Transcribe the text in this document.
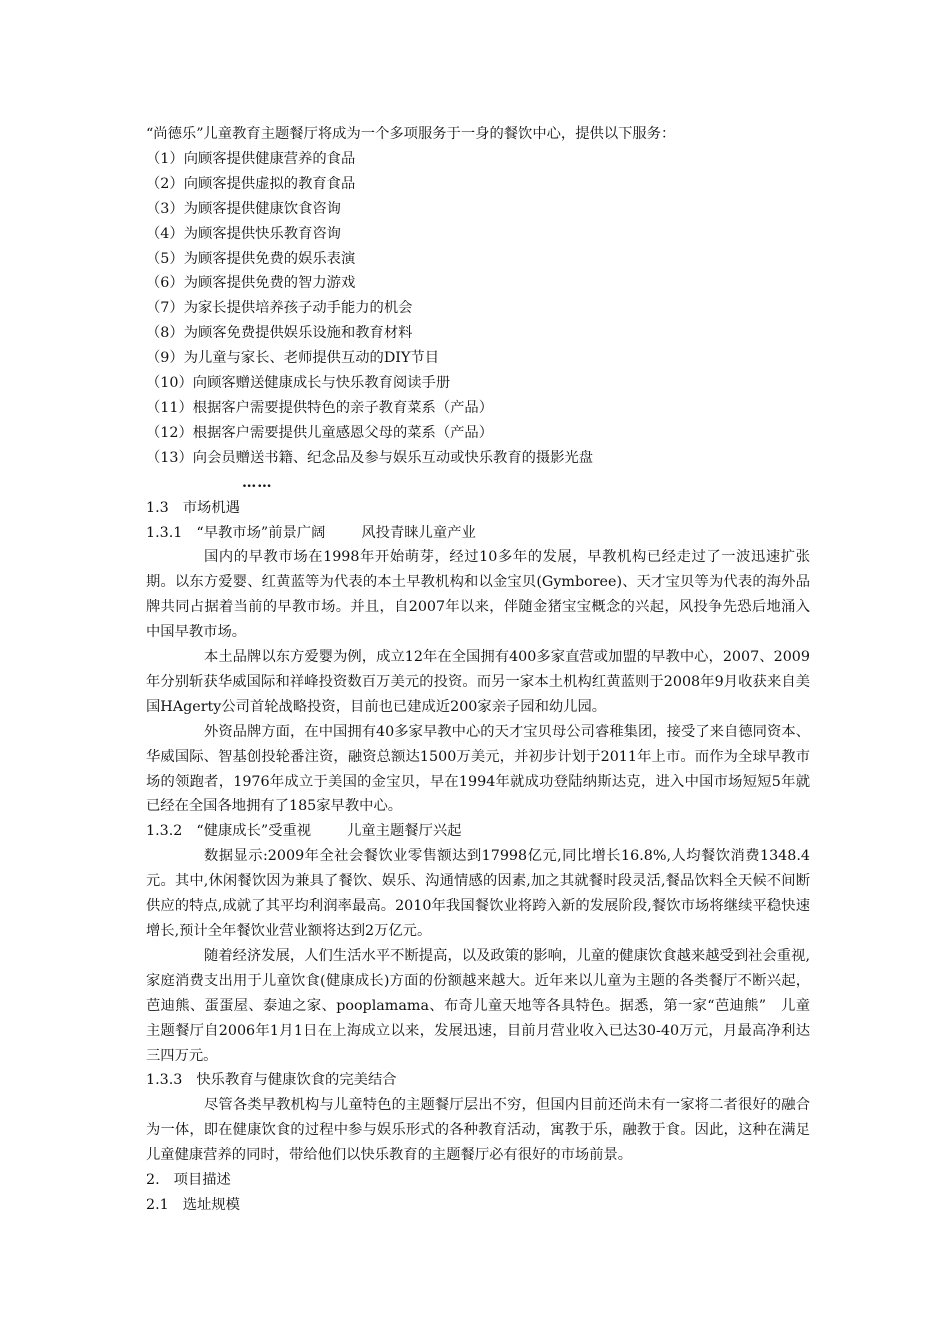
“尚德乐”儿童教育主题餐厅将成为一个多项服务于一身的餐饮中心，提供以下服务：
（1）向顾客提供健康营养的食品
（2）向顾客提供虚拟的教育食品
（3）为顾客提供健康饮食咨询
（4）为顾客提供快乐教育咨询
（5）为顾客提供免费的娱乐表演
（6）为顾客提供免费的智力游戏
（7）为家长提供培养孩子动手能力的机会
（8）为顾客免费提供娱乐设施和教育材料
（9）为儿童与家长、老师提供互动的DIY节目
（10）向顾客赠送健康成长与快乐教育阅读手册
（11）根据客户需要提供特色的亲子教育菜系（产品）
（12）根据客户需要提供儿童感恩父母的菜系（产品）
（13）向会员赠送书籍、纪念品及参与娱乐互动或快乐教育的摄影光盘
……
1.3 市场机遇
1.3.1 “早教市场”前景广阔	风投青睐儿童产业

国内的早教市场在1998年开始萌芽，经过10多年的发展，早教机构已经走过了一波迅速扩张期。以东方爱婴、红黄蓝等为代表的本土早教机构和以金宝贝(Gymboree)、天才宝贝等为代表的海外品牌共同占据着当前的早教市场。并且，自2007年以来，伴随金猪宝宝概念的兴起，风投争先恐后地涌入中国早教市场。

本土品牌以东方爱婴为例，成立12年在全国拥有400多家直营或加盟的早教中心，2007、2009年分别斩获华威国际和祥峰投资数百万美元的投资。而另一家本土机构红黄蓝则于2008年9月收获来自美国HAgerty公司首轮战略投资，目前也已建成近200家亲子园和幼儿园。

外资品牌方面，在中国拥有40多家早教中心的天才宝贝母公司睿稚集团，接受了来自德同资本、华威国际、智基创投轮番注资，融资总额达1500万美元，并初步计划于2011年上市。而作为全球早教市场的领跑者，1976年成立于美国的金宝贝，早在1994年就成功登陆纳斯达克，进入中国市场短短5年就已经在全国各地拥有了185家早教中心。

1.3.2 “健康成长”受重视	儿童主题餐厅兴起

数据显示:2009年全社会餐饮业零售额达到17998亿元,同比增长16.8%,人均餐饮消费1348.4元。其中,休闲餐饮因为兼具了餐饮、娱乐、沟通情感的因素,加之其就餐时段灵活,餐品饮料全天候不间断供应的特点,成就了其平均利润率最高。2010年我国餐饮业将跨入新的发展阶段,餐饮市场将继续平稳快速增长,预计全年餐饮业营业额将达到2万亿元。

随着经济发展，人们生活水平不断提高，以及政策的影响，儿童的健康饮食越来越受到社会重视,家庭消费支出用于儿童饮食(健康成长)方面的份额越来越大。近年来以儿童为主题的各类餐厅不断兴起，芭迪熊、蛋蛋屋、泰迪之家、pooplamama、布奇儿童天地等各具特色。据悉，第一家“芭迪熊”　儿童主题餐厅自2006年1月1日在上海成立以来，发展迅速，目前月营业收入已达30-40万元，月最高净利达三四万元。

1.3.3 快乐教育与健康饮食的完美结合

尽管各类早教机构与儿童特色的主题餐厅层出不穷，但国内目前还尚未有一家将二者很好的融合为一体，即在健康饮食的过程中参与娱乐形式的各种教育活动，寓教于乐，融教于食。因此，这种在满足儿童健康营养的同时，带给他们以快乐教育的主题餐厅必有很好的市场前景。

2. 项目描述
2.1 选址规模
